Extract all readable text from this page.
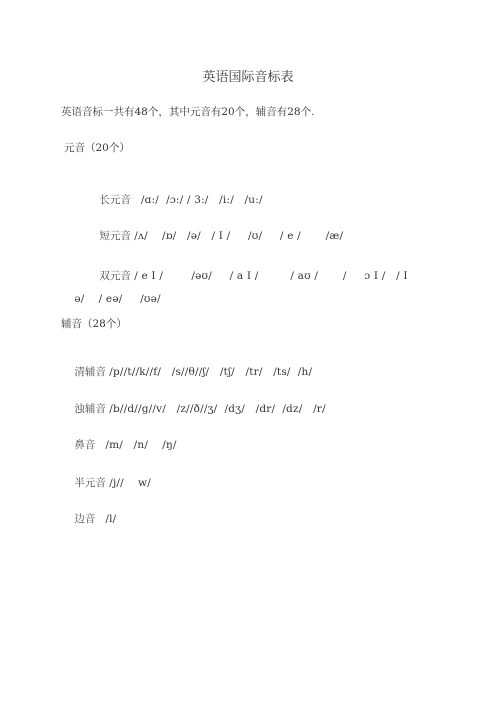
英语国际音标表
英语音标一共有48个，其中元音有20个，辅音有28个.
元音（20个）

长元音 /ɑ:/  /ɔ:/ / 3:/   /i:/   /u:/

短元音 /ʌ/    /ɒ/   /ə/   / I /     /ʊ/     / e /       /æ/

双元音 / e I /        /əʊ/     / a I /         / aʊ /       /     ɔ I /   / I

ə/    / eə/     /ʊə/

辅音（28个）

清辅音 /p//t//k//f/   /s//θ//ʃ/   /tʃ/   /tr/   /ts/  /h/

浊辅音 /b//d//g//v/   /z//ð//ʒ/  /dʒ/   /dr/  /dz/   /r/

鼻音 /m/   /n/    /ŋ/

半元音 /j//    w/

边音 /l/
